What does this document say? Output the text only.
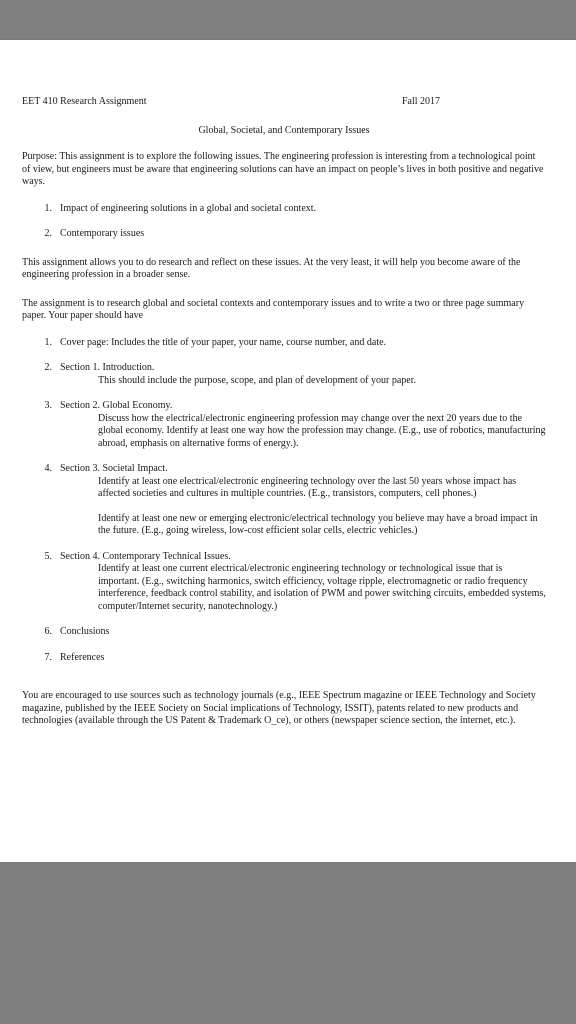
EET 410 Research Assignment	Fall 2017
Global, Societal, and Contemporary Issues

Purpose: This assignment is to explore the following issues. The engineering profession is interesting from a technological point of view, but engineers must be aware that engineering solutions can have an impact on people’s lives in both positive and negative ways.

1. Impact of engineering solutions in a global and societal context.
2. Contemporary issues

This assignment allows you to do research and reflect on these issues. At the very least, it will help you become aware of the engineering profession in a broader sense.

The assignment is to research global and societal contexts and contemporary issues and to write a two or three page summary paper. Your paper should have

1. Cover page: Includes the title of your paper, your name, course number, and date.
2. Section 1. Introduction.
This should include the purpose, scope, and plan of development of your paper.
3. Section 2. Global Economy.
Discuss how the electrical/electronic engineering profession may change over the next 20 years due to the global economy. Identify at least one way how the profession may change. (E.g., use of robotics, manufacturing abroad, emphasis on alternative forms of energy.).
4. Section 3. Societal Impact.
Identify at least one electrical/electronic engineering technology over the last 50 years whose impact has affected societies and cultures in multiple countries. (E.g., transistors, computers, cell phones.)
Identify at least one new or emerging electronic/electrical technology you believe may have a broad impact in the future. (E.g., going wireless, low-cost efficient solar cells, electric vehicles.)
5. Section 4. Contemporary Technical Issues.
Identify at least one current electrical/electronic engineering technology or technological issue that is important. (E.g., switching harmonics, switch efficiency, voltage ripple, electromagnetic or radio frequency interference, feedback control stability, and isolation of PWM and power switching circuits, embedded systems, computer/Internet security, nanotechnology.)
6. Conclusions
7. References

You are encouraged to use sources such as technology journals (e.g., IEEE Spectrum magazine or IEEE Technology and Society magazine, published by the IEEE Society on Social implications of Technology, ISSIT), patents related to new products and technologies (available through the US Patent & Trademark O_ce), or others (newspaper science section, the internet, etc.).
